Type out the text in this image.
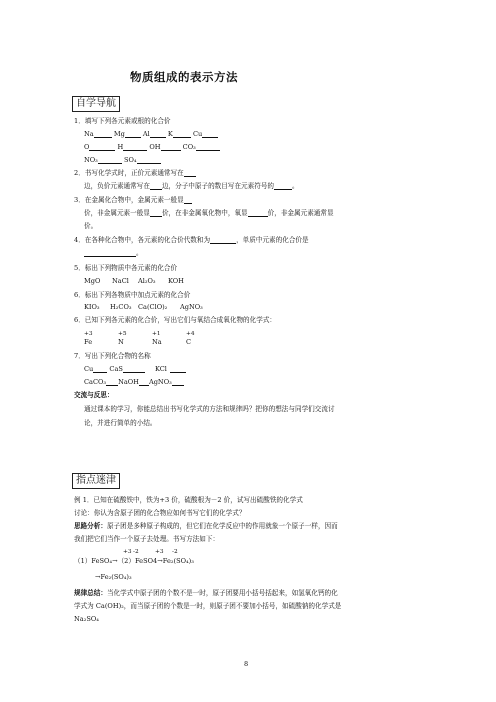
物质组成的表示方法
自学导航
1．填写下列各元素或根的化合价
Na	Mg	Al	K	Cu
O	H	OH	CO₃
NO₃	SO₄
2．书写化学式时，正价元素通常写在
边，负价元素通常写在 边，分子中原子的数目写在元素符号的	。
3．在金属化合物中，金属元素一般显
价，非金属元素一般显 价，在非金属氧化物中，氧显	价，非金属元素通常显
价。
4．在各种化合物中，各元素的化合价代数和为	，单质中元素的化合价是
。
5．标出下列物质中各元素的化合价
MgO NaCl Al₂O₃ KOH
6．标出下列各物质中加点元素的化合价
KIO₃ H₂CO₃ Ca(ClO)₂ AgNO₃
6．已知下列各元素的化合价，写出它们与氧结合成氧化物的化学式：
+3	+5	+1	+4
Fe	N	Na	C
7．写出下列化合物的名称
Cu CaS	KCl
CaCO₃ NaOH AgNO₃
交流与反思：
通过课本的学习，你能总结出书写化学式的方法和规律吗？把你的想法与同学们交流讨
论，并进行简单的小结。
指点迷津
例 1．已知在硫酸铁中，铁为+3 价，硫酸根为－2 价，试写出硫酸铁的化学式
讨论：你认为含原子团的化合物应如何书写它们的化学式？
思路分析：原子团是多种原子构成的，但它们在化学反应中的作用就象一个原子一样，因而
我们把它们当作一个原子去处理。书写方法如下：
+3-2	+3 -2
（1）FeSO₄→（2）FeSO4→Fe₂(SO₄)₃
→Fe₂(SO₄)₃
规律总结：当化学式中原子团的个数不是一时，原子团要用小括号括起来，如氢氧化钙的化
学式为 Ca(OH)₂，而当原子团的个数是一时，则原子团不要加小括号，如硫酸钠的化学式是
Na₂SO₄
8
